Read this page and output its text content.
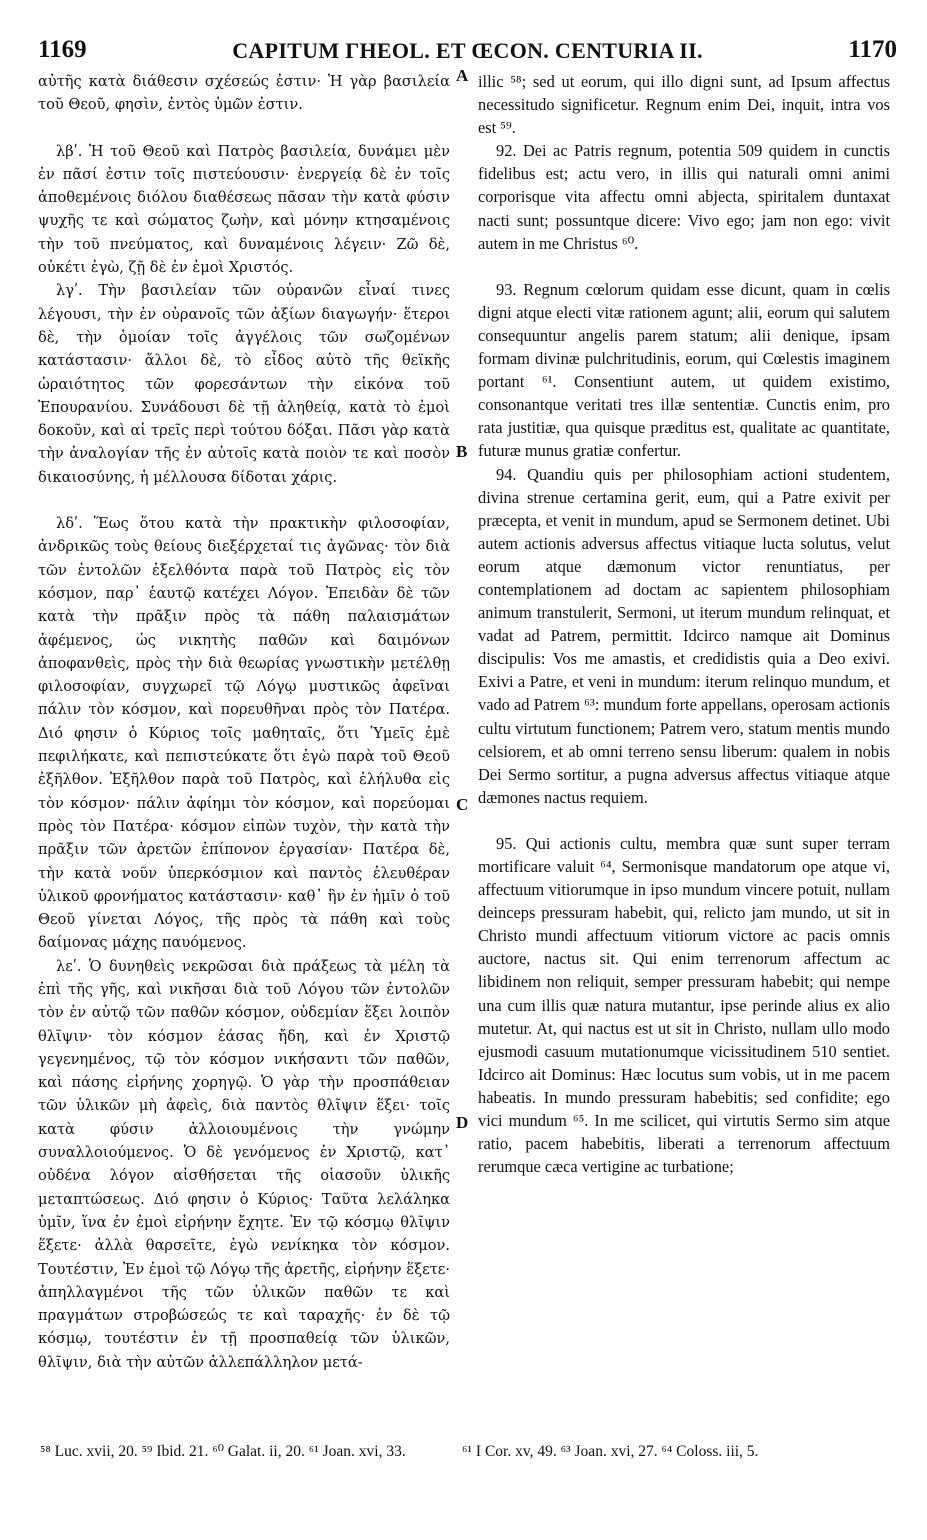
1169	CAPITUM ΓHEOL. ET ŒCON. CENTURIA II.	1170

αὐτῆς κατὰ διάθεσιν σχέσεώς ἐστιν· Ἡ γὰρ βασιλεία τοῦ Θεοῦ, φησὶν, ἐντὸς ὑμῶν ἐστιν.

λβʹ. Ἡ τοῦ Θεοῦ καὶ Πατρὸς βασιλεία, δυνάμει μὲν ἐν πᾶσί ἐστιν τοῖς πιστεύουσιν· ἐνεργείᾳ δὲ ἐν τοῖς ἀποθεμένοις διόλου διαθέσεως πᾶσαν τὴν κατὰ φύσιν ψυχῆς τε καὶ σώματος ζωὴν, καὶ μόνην κτησαμένοις τὴν τοῦ πνεύματος, καὶ δυναμένοις λέγειν· Ζῶ δὲ, οὐκέτι ἐγὼ, ζῇ δὲ ἐν ἐμοὶ Χριστός.

λγʹ. Τὴν βασιλείαν τῶν οὐρανῶν εἶναί τινες λέγουσι, τὴν ἐν οὐρανοῖς τῶν ἀξίων διαγωγήν· ἕτεροι δὲ, τὴν ὁμοίαν τοῖς ἀγγέλοις τῶν σωζομένων κατάστασιν· ἄλλοι δὲ, τὸ εἶδος αὐτὸ τῆς θεϊκῆς ὡραιότητος τῶν φορεσάντων τὴν εἰκόνα τοῦ Ἐπουρανίου. Συνάδουσι δὲ τῇ ἀληθείᾳ, κατὰ τὸ ἐμοὶ δοκοῦν, καὶ αἱ τρεῖς περὶ τούτου δόξαι. Πᾶσι γὰρ κατὰ τὴν ἀναλογίαν τῆς ἐν αὐτοῖς κατὰ ποιὸν τε καὶ ποσὸν δικαιοσύνης, ἡ μέλλουσα δίδοται χάρις.

λδʹ. Ἕως ὅτου κατὰ τὴν πρακτικὴν φιλοσοφίαν, ἀνδρικῶς τοὺς θείους διεξέρχεταί τις ἀγῶνας· τὸν διὰ τῶν ἐντολῶν ἐξελθόντα παρὰ τοῦ Πατρὸς εἰς τὸν κόσμον, παρ᾽ ἑαυτῷ κατέχει Λόγον. Ἐπειδὰν δὲ τῶν κατὰ τὴν πρᾶξιν πρὸς τὰ πάθη παλαισμάτων ἀφέμενος, ὡς νικητὴς παθῶν καὶ δαιμόνων ἀποφανθεὶς, πρὸς τὴν διὰ θεωρίας γνωστικὴν μετέλθῃ φιλοσοφίαν, συγχωρεῖ τῷ Λόγῳ μυστικῶς ἀφεῖναι πάλιν τὸν κόσμον, καὶ πορευθῆναι πρὸς τὸν Πατέρα. Διό φησιν ὁ Κύριος τοῖς μαθηταῖς, ὅτι Ὑμεῖς ἐμὲ πεφιλήκατε, καὶ πεπιστεύκατε ὅτι ἐγὼ παρὰ τοῦ Θεοῦ ἐξῆλθον. Ἐξῆλθον παρὰ τοῦ Πατρὸς, καὶ ἐλήλυθα εἰς τὸν κόσμον· πάλιν ἀφίημι τὸν κόσμον, καὶ πορεύομαι πρὸς τὸν Πατέρα· κόσμον εἰπὼν τυχὸν, τὴν κατὰ τὴν πρᾶξιν τῶν ἀρετῶν ἐπίπονον ἐργασίαν· Πατέρα δὲ, τὴν κατὰ νοῦν ὑπερκόσμιον καὶ παντὸς ἐλευθέραν ὑλικοῦ φρονήματος κατάστασιν· καθ᾽ ἣν ἐν ἡμῖν ὁ τοῦ Θεοῦ γίνεται Λόγος, τῆς πρὸς τὰ πάθη καὶ τοὺς δαίμονας μάχης παυόμενος.

λεʹ. Ὁ δυνηθεὶς νεκρῶσαι διὰ πράξεως τὰ μέλη τὰ ἐπὶ τῆς γῆς, καὶ νικῆσαι διὰ τοῦ Λόγου τῶν ἐντολῶν τὸν ἐν αὐτῷ τῶν παθῶν κόσμον, οὐδεμίαν ἕξει λοιπὸν θλῖψιν· τὸν κόσμον ἐάσας ἤδη, καὶ ἐν Χριστῷ γεγενημένος, τῷ τὸν κόσμον νικήσαντι τῶν παθῶν, καὶ πάσης εἰρήνης χορηγῷ. Ὁ γὰρ τὴν προσπάθειαν τῶν ὑλικῶν μὴ ἀφεὶς, διὰ παντὸς θλῖψιν ἕξει· τοῖς κατὰ φύσιν ἀλλοιουμένοις τὴν γνώμην συναλλοιούμενος. Ὁ δὲ γενόμενος ἐν Χριστῷ, κατ᾽ οὐδένα λόγον αἰσθήσεται τῆς οἱασοῦν ὑλικῆς μεταπτώσεως. Διό φησιν ὁ Κύριος· Ταῦτα λελάληκα ὑμῖν, ἵνα ἐν ἐμοὶ εἰρήνην ἔχητε. Ἐν τῷ κόσμῳ θλῖψιν ἕξετε· ἀλλὰ θαρσεῖτε, ἐγὼ νενίκηκα τὸν κόσμον. Τουτέστιν, Ἐν ἐμοὶ τῷ Λόγῳ τῆς ἀρετῆς, εἰρήνην ἕξετε· ἀπηλλαγμένοι τῆς τῶν ὑλικῶν παθῶν τε καὶ πραγμάτων στροβώσεώς τε καὶ ταραχῆς· ἐν δὲ τῷ κόσμῳ, τουτέστιν ἐν τῇ προσπαθείᾳ τῶν ὑλικῶν, θλῖψιν, διὰ τὴν αὐτῶν ἀλλεπάλληλον μετά-

A
B
C
D

illic ⁵⁸; sed ut eorum, qui illo digni sunt, ad Ipsum affectus necessitudo significetur. Regnum enim Dei, inquit, intra vos est ⁵⁹.

92. Dei ac Patris regnum, potentia 509 quidem in cunctis fidelibus est; actu vero, in illis qui naturali omni animi corporisque vita affectu omni abjecta, spiritalem duntaxat nacti sunt; possuntque dicere: Vivo ego; jam non ego: vivit autem in me Christus ⁶⁰.

93. Regnum cœlorum quidam esse dicunt, quam in cœlis digni atque electi vitæ rationem agunt; alii, eorum qui salutem consequuntur angelis parem statum; alii denique, ipsam formam divinæ pulchritudinis, eorum, qui Cœlestis imaginem portant ⁶¹. Consentiunt autem, ut quidem existimo, consonantque veritati tres illæ sententiæ. Cunctis enim, pro rata justitiæ, qua quisque præditus est, qualitate ac quantitate, futuræ munus gratiæ confertur.

94. Quandiu quis per philosophiam actioni studentem, divina strenue certamina gerit, eum, qui a Patre exivit per præcepta, et venit in mundum, apud se Sermonem detinet. Ubi autem actionis adversus affectus vitiaque lucta solutus, velut eorum atque dæmonum victor renuntiatus, per contemplationem ad doctam ac sapientem philosophiam animum transtulerit, Sermoni, ut iterum mundum relinquat, et vadat ad Patrem, permittit. Idcirco namque ait Dominus discipulis: Vos me amastis, et credidistis quia a Deo exivi. Exivi a Patre, et veni in mundum: iterum relinquo mundum, et vado ad Patrem ⁶³: mundum forte appellans, operosam actionis cultu virtutum functionem; Patrem vero, statum mentis mundo celsiorem, et ab omni terreno sensu liberum: qualem in nobis Dei Sermo sortitur, a pugna adversus affectus vitiaque atque dæmones nactus requiem.

95. Qui actionis cultu, membra quæ sunt super terram mortificare valuit ⁶⁴, Sermonisque mandatorum ope atque vi, affectuum vitiorumque in ipso mundum vincere potuit, nullam deinceps pressuram habebit, qui, relicto jam mundo, ut sit in Christo mundi affectuum vitiorum victore ac pacis omnis auctore, nactus sit. Qui enim terrenorum affectum ac libidinem non reliquit, semper pressuram habebit; qui nempe una cum illis quæ natura mutantur, ipse perinde alius ex alio mutetur. At, qui nactus est ut sit in Christo, nullam ullo modo ejusmodi casuum mutationumque vicissitudinem 510 sentiet. Idcirco ait Dominus: Hæc locutus sum vobis, ut in me pacem habeatis. In mundo pressuram habebitis; sed confidite; ego vici mundum ⁶⁵. In me scilicet, qui virtutis Sermo sim atque ratio, pacem habebitis, liberati a terrenorum affectuum rerumque cæca vertigine ac turbatione;

⁵⁸ Luc. xvii, 20. ⁵⁹ Ibid. 21. ⁶⁰ Galat. ii, 20. ⁶¹ Joan. xvi, 33.	⁶¹ I Cor. xv, 49. ⁶³ Joan. xvi, 27. ⁶⁴ Coloss. iii, 5.
